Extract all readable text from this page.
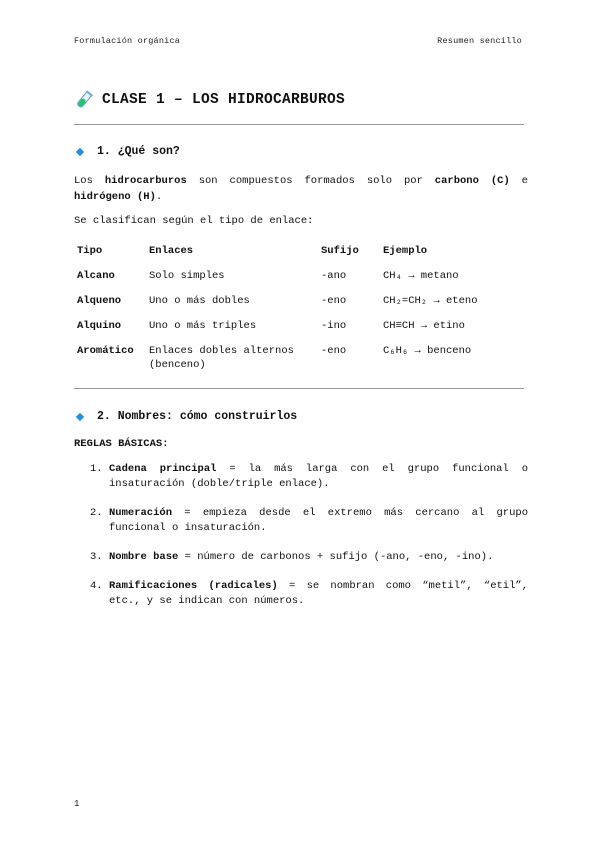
Formulación orgánica	Resumen sencillo
CLASE 1 – LOS HIDROCARBUROS
1. ¿Qué son?
Los hidrocarburos son compuestos formados solo por carbono (C) e hidrógeno (H).
Se clasifican según el tipo de enlace:
Tipo	Enlaces	Sufijo	Ejemplo
Alcano	Solo simples	-ano	CH₄ → metano
Alqueno	Uno o más dobles	-eno	CH₂=CH₂ → eteno
Alquino	Uno o más triples	-ino	CH≡CH → etino
Aromático	Enlaces dobles alternos (benceno)	-eno	C₆H₆ → benceno
2. Nombres: cómo construirlos
REGLAS BÁSICAS:
1. Cadena principal = la más larga con el grupo funcional o insaturación (doble/triple enlace).
2. Numeración = empieza desde el extremo más cercano al grupo funcional o insaturación.
3. Nombre base = número de carbonos + sufijo (-ano, -eno, -ino).
4. Ramificaciones (radicales) = se nombran como “metil”, “etil”, etc., y se indican con números.
1
